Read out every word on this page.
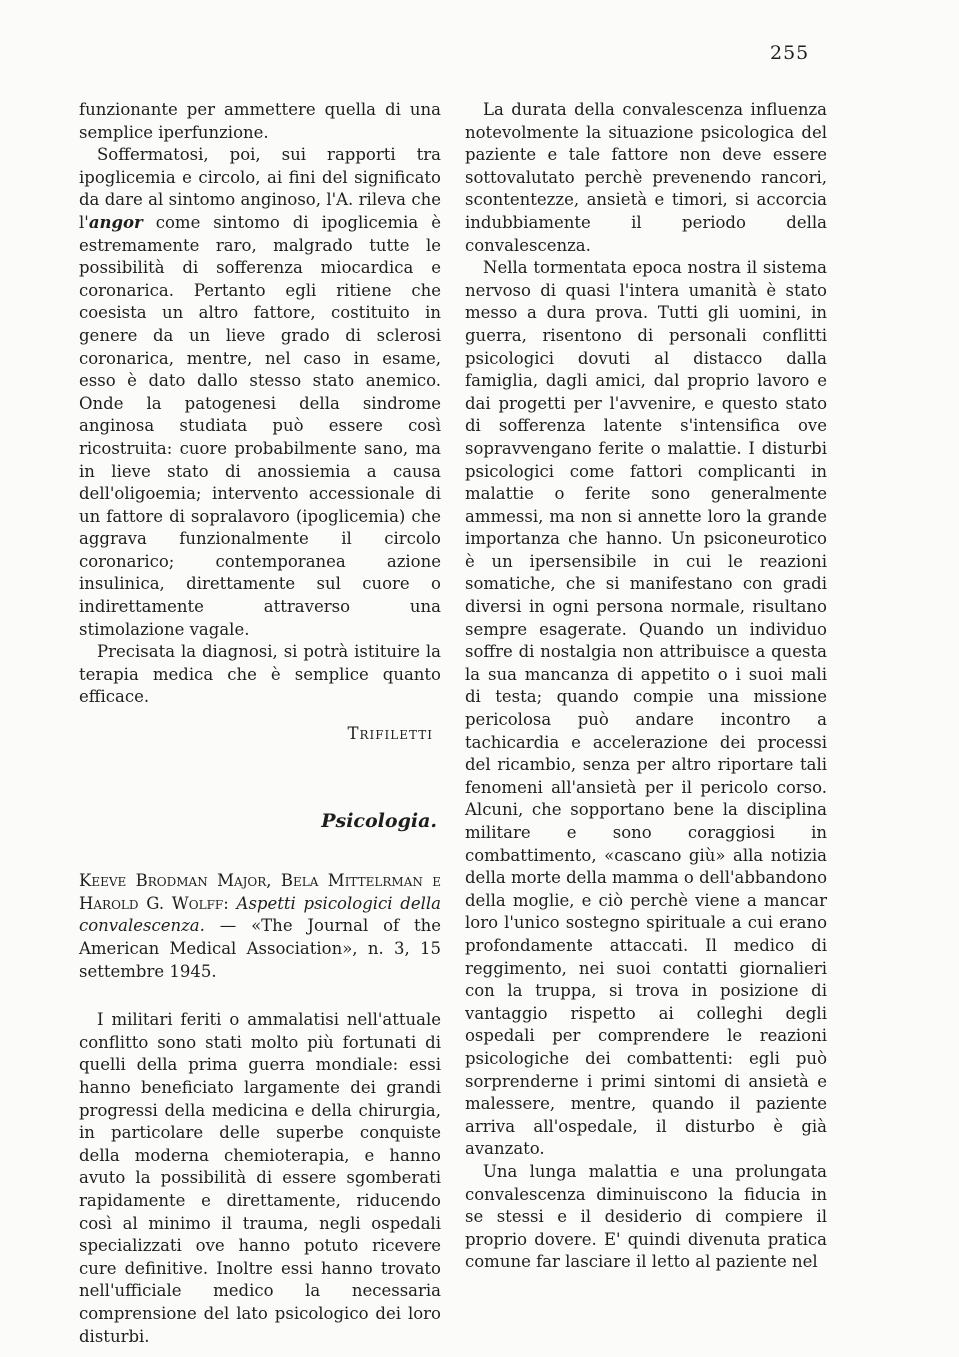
255

funzionante per ammettere quella di una semplice iperfunzione.

Soffermatosi, poi, sui rapporti tra ipoglicemia e circolo, ai fini del significato da dare al sintomo anginoso, l'A. rileva che l'angor come sintomo di ipoglicemia è estremamente raro, malgrado tutte le possibilità di sofferenza miocardica e coronarica. Pertanto egli ritiene che coesista un altro fattore, costituito in genere da un lieve grado di sclerosi coronarica, mentre, nel caso in esame, esso è dato dallo stesso stato anemico. Onde la patogenesi della sindrome anginosa studiata può essere così ricostruita: cuore probabilmente sano, ma in lieve stato di anossiemia a causa dell'oligoemia; intervento accessionale di un fattore di sopralavoro (ipoglicemia) che aggrava funzionalmente il circolo coronarico; contemporanea azione insulinica, direttamente sul cuore o indirettamente attraverso una stimolazione vagale.

Precisata la diagnosi, si potrà istituire la terapia medica che è semplice quanto efficace.

Trifiletti

Psicologia.

Keeve Brodman Major, Bela Mittelrman e Harold G. Wolff: Aspetti psicologici della convalescenza. — «The Journal of the American Medical Association», n. 3, 15 settembre 1945.

I militari feriti o ammalatisi nell'attuale conflitto sono stati molto più fortunati di quelli della prima guerra mondiale: essi hanno beneficiato largamente dei grandi progressi della medicina e della chirurgia, in particolare delle superbe conquiste della moderna chemioterapia, e hanno avuto la possibilità di essere sgomberati rapidamente e direttamente, riducendo così al minimo il trauma, negli ospedali specializzati ove hanno potuto ricevere cure definitive. Inoltre essi hanno trovato nell'ufficiale medico la necessaria comprensione del lato psicologico dei loro disturbi.

La durata della convalescenza influenza notevolmente la situazione psicologica del paziente e tale fattore non deve essere sottovalutato perchè prevenendo rancori, scontentezze, ansietà e timori, si accorcia indubbiamente il periodo della convalescenza.

Nella tormentata epoca nostra il sistema nervoso di quasi l'intera umanità è stato messo a dura prova. Tutti gli uomini, in guerra, risentono di personali conflitti psicologici dovuti al distacco dalla famiglia, dagli amici, dal proprio lavoro e dai progetti per l'avvenire, e questo stato di sofferenza latente s'intensifica ove sopravvengano ferite o malattie. I disturbi psicologici come fattori complicanti in malattie o ferite sono generalmente ammessi, ma non si annette loro la grande importanza che hanno. Un psiconeurotico è un ipersensibile in cui le reazioni somatiche, che si manifestano con gradi diversi in ogni persona normale, risultano sempre esagerate. Quando un individuo soffre di nostalgia non attribuisce a questa la sua mancanza di appetito o i suoi mali di testa; quando compie una missione pericolosa può andare incontro a tachicardia e accelerazione dei processi del ricambio, senza per altro riportare tali fenomeni all'ansietà per il pericolo corso. Alcuni, che sopportano bene la disciplina militare e sono coraggiosi in combattimento, «cascano giù» alla notizia della morte della mamma o dell'abbandono della moglie, e ciò perchè viene a mancar loro l'unico sostegno spirituale a cui erano profondamente attaccati. Il medico di reggimento, nei suoi contatti giornalieri con la truppa, si trova in posizione di vantaggio rispetto ai colleghi degli ospedali per comprendere le reazioni psicologiche dei combattenti: egli può sorprenderne i primi sintomi di ansietà e malessere, mentre, quando il paziente arriva all'ospedale, il disturbo è già avanzato.

Una lunga malattia e una prolungata convalescenza diminuiscono la fiducia in se stessi e il desiderio di compiere il proprio dovere. E' quindi divenuta pratica comune far lasciare il letto al paziente nel
